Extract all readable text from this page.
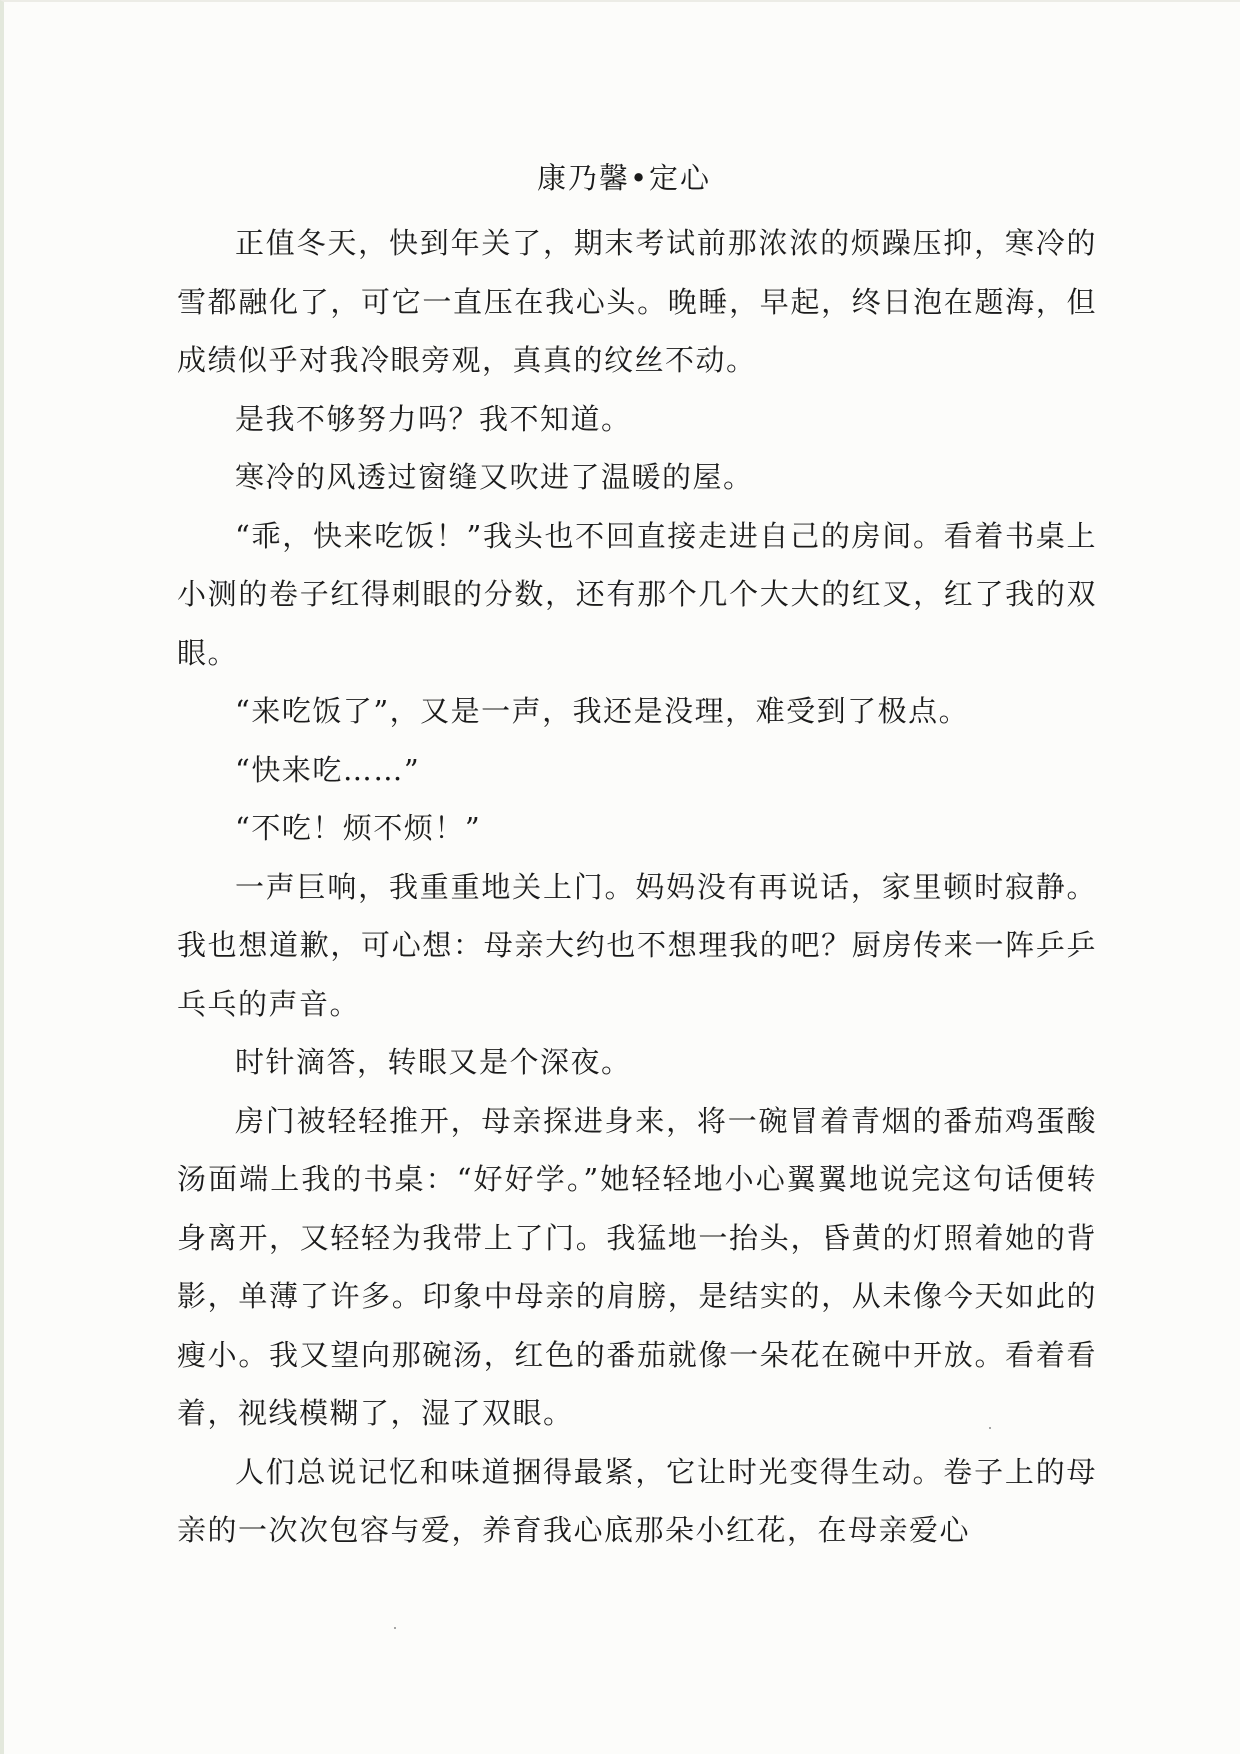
康乃馨•定心

正值冬天，快到年关了，期末考试前那浓浓的烦躁压抑，寒冷的雪都融化了，可它一直压在我心头。晚睡，早起，终日泡在题海，但成绩似乎对我冷眼旁观，真真的纹丝不动。

是我不够努力吗？我不知道。

寒冷的风透过窗缝又吹进了温暖的屋。

“乖，快来吃饭！”我头也不回直接走进自己的房间。看着书桌上小测的卷子红得刺眼的分数，还有那个几个大大的红叉，红了我的双眼。

“来吃饭了”，又是一声，我还是没理，难受到了极点。

“快来吃……”

“不吃！烦不烦！”

一声巨响，我重重地关上门。妈妈没有再说话，家里顿时寂静。我也想道歉，可心想：母亲大约也不想理我的吧？厨房传来一阵乒乒乓乓的声音。

时针滴答，转眼又是个深夜。

房门被轻轻推开，母亲探进身来，将一碗冒着青烟的番茄鸡蛋酸汤面端上我的书桌：“好好学。”她轻轻地小心翼翼地说完这句话便转身离开，又轻轻为我带上了门。我猛地一抬头，昏黄的灯照着她的背影，单薄了许多。印象中母亲的肩膀，是结实的，从未像今天如此的瘦小。我又望向那碗汤，红色的番茄就像一朵花在碗中开放。看着看着，视线模糊了，湿了双眼。

人们总说记忆和味道捆得最紧，它让时光变得生动。卷子上的母亲的一次次包容与爱，养育我心底那朵小红花，在母亲爱心
